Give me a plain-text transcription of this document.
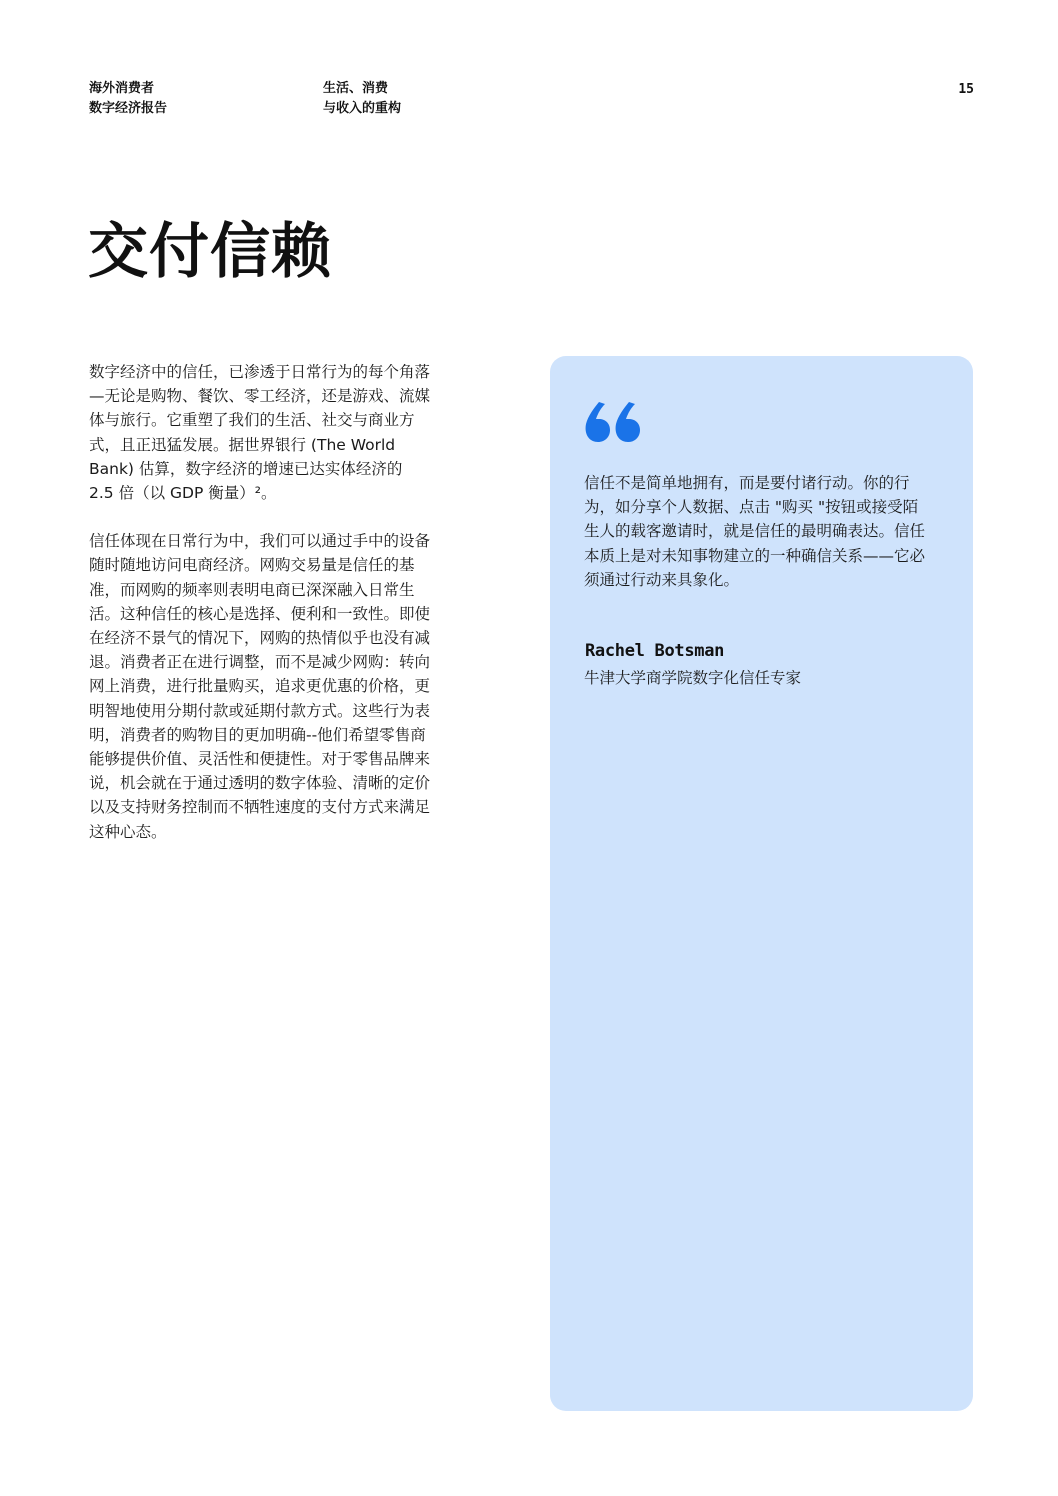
海外消费者
数字经济报告
生活、消费
与收入的重构
15
交付信赖

数字经济中的信任，已渗透于日常行为的每个角落—无论是购物、餐饮、零工经济，还是游戏、流媒体与旅行。它重塑了我们的生活、社交与商业方式，且正迅猛发展。据世界银行 (The World Bank) 估算，数字经济的增速已达实体经济的 2.5 倍（以 GDP 衡量）²。

信任体现在日常行为中，我们可以通过手中的设备随时随地访问电商经济。网购交易量是信任的基准，而网购的频率则表明电商已深深融入日常生活。这种信任的核心是选择、便利和一致性。即使在经济不景气的情况下，网购的热情似乎也没有减退。消费者正在进行调整，而不是减少网购：转向网上消费，进行批量购买，追求更优惠的价格，更明智地使用分期付款或延期付款方式。这些行为表明，消费者的购物目的更加明确--他们希望零售商能够提供价值、灵活性和便捷性。对于零售品牌来说，机会就在于通过透明的数字体验、清晰的定价以及支持财务控制而不牺牲速度的支付方式来满足这种心态。

信任不是简单地拥有，而是要付诸行动。你的行为，如分享个人数据、点击 "购买 "按钮或接受陌生人的载客邀请时，就是信任的最明确表达。信任本质上是对未知事物建立的一种确信关系——它必须通过行动来具象化。
Rachel Botsman
牛津大学商学院数字化信任专家
